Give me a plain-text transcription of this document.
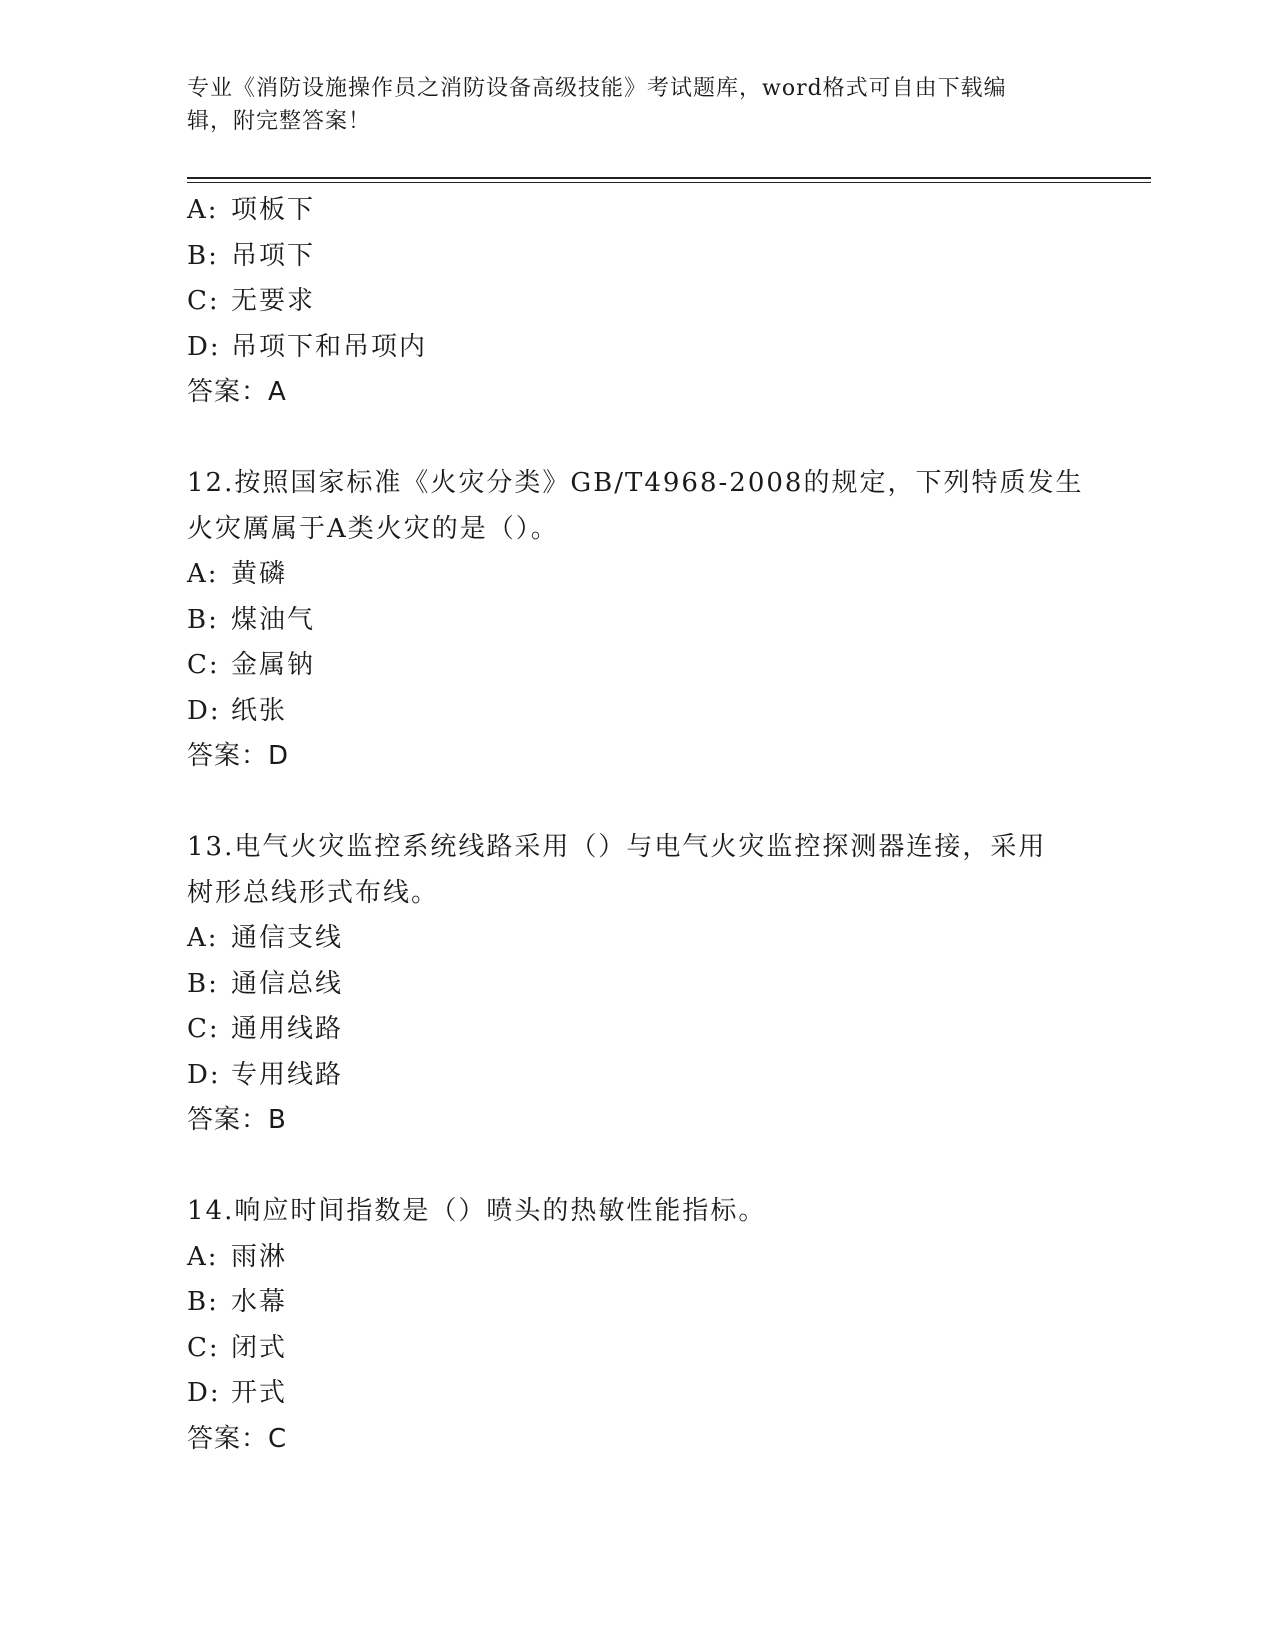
专业《消防设施操作员之消防设备高级技能》考试题库，word格式可自由下载编
辑，附完整答案！
A: 项板下
B: 吊项下
C: 无要求
D: 吊项下和吊项内
答案：A
12.按照国家标准《火灾分类》GB/T4968-2008的规定，下列特质发生
火灾厲属于A类火灾的是（）。
A: 黄磷
B: 煤油气
C: 金属钠
D: 纸张
答案：D
13.电气火灾监控系统线路采用（）与电气火灾监控探测器连接，采用
树形总线形式布线。
A: 通信支线
B: 通信总线
C: 通用线路
D: 专用线路
答案：B
14.响应时间指数是（）喷头的热敏性能指标。
A: 雨淋
B: 水幕
C: 闭式
D: 开式
答案：C
